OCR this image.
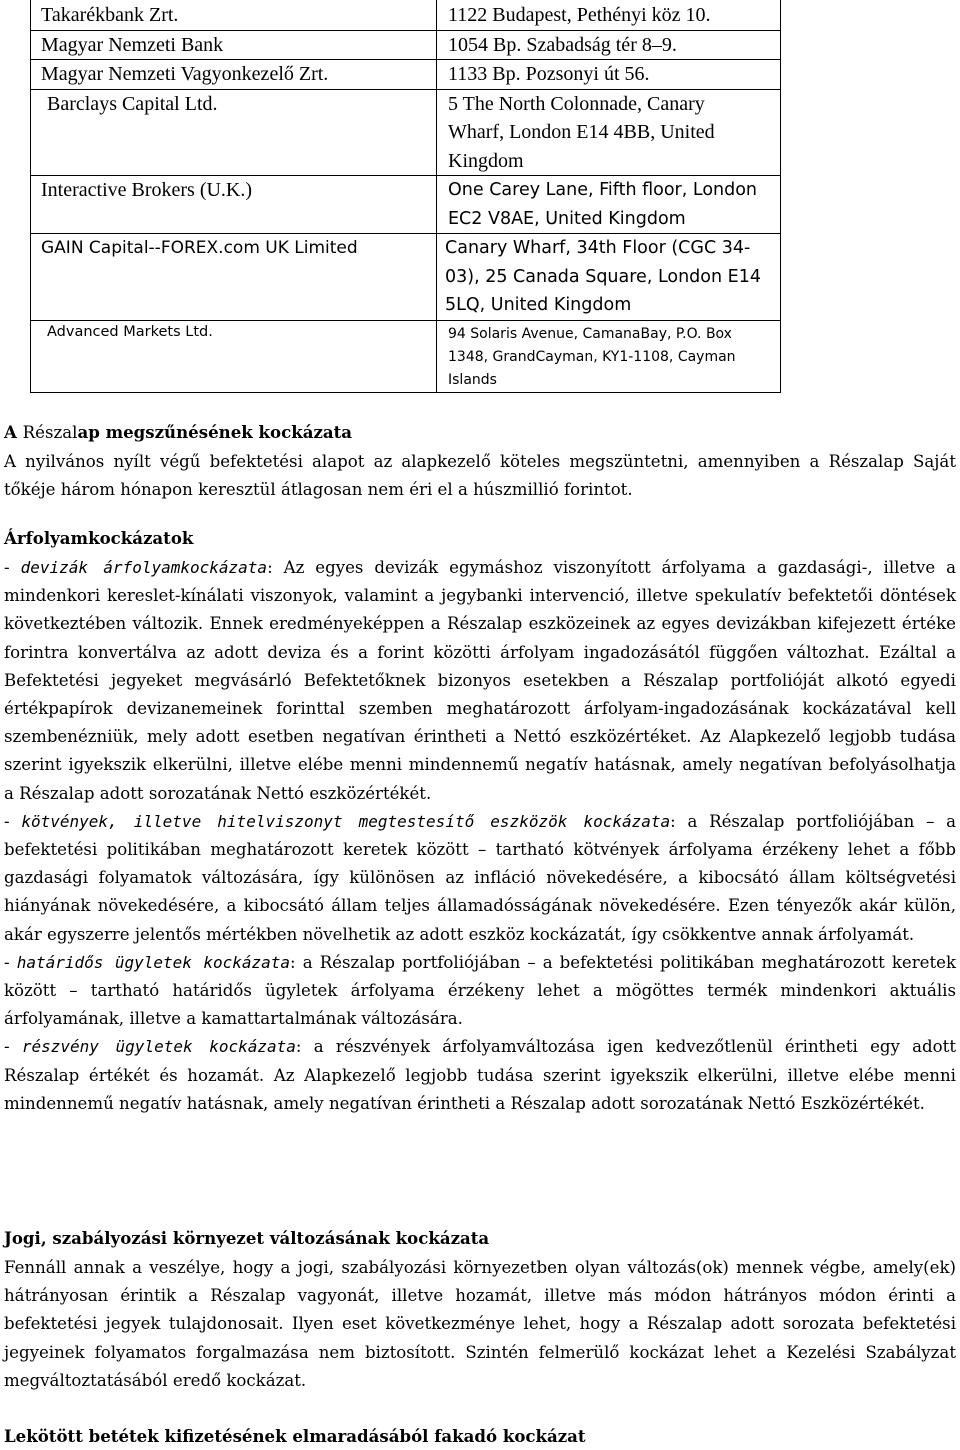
Takarékbank Zrt.	1122 Budapest, Pethényi köz 10.
Magyar Nemzeti Bank	1054 Bp. Szabadság tér 8–9.
Magyar Nemzeti Vagyonkezelő Zrt.	1133 Bp. Pozsonyi út 56.
Barclays Capital Ltd.	5 The North Colonnade, Canary Wharf, London E14 4BB, United Kingdom
Interactive Brokers (U.K.)	One Carey Lane, Fifth floor, London EC2 V8AE, United Kingdom
GAIN Capital--FOREX.com UK Limited	Canary Wharf, 34th Floor (CGC 34-03), 25 Canada Square, London E14 5LQ, United Kingdom
Advanced Markets Ltd.	94 Solaris Avenue, CamanaBay, P.O. Box 1348, GrandCayman, KY1-1108, Cayman Islands
A Részalap megszűnésének kockázata

A nyilvános nyílt végű befektetési alapot az alapkezelő köteles megszüntetni, amennyiben a Részalap Saját tőkéje három hónapon keresztül átlagosan nem éri el a húszmillió forintot.

Árfolyamkockázatok

- devizák árfolyamkockázata: Az egyes devizák egymáshoz viszonyított árfolyama a gazdasági-, illetve a mindenkori kereslet-kínálati viszonyok, valamint a jegybanki intervenció, illetve spekulatív befektetői döntések következtében változik. Ennek eredményeképpen a Részalap eszközeinek az egyes devizákban kifejezett értéke forintra konvertálva az adott deviza és a forint közötti árfolyam ingadozásától függően változhat. Ezáltal a Befektetési jegyeket megvásárló Befektetőknek bizonyos esetekben a Részalap portfolióját alkotó egyedi értékpapírok devizanemeinek forinttal szemben meghatározott árfolyam-ingadozásának kockázatával kell szembenézniük, mely adott esetben negatívan érintheti a Nettó eszközértéket. Az Alapkezelő legjobb tudása szerint igyekszik elkerülni, illetve elébe menni mindennemű negatív hatásnak, amely negatívan befolyásolhatja a Részalap adott sorozatának Nettó eszközértékét.

- kötvények, illetve hitelviszonyt megtestesítő eszközök kockázata: a Részalap portfoliójában – a befektetési politikában meghatározott keretek között – tartható kötvények árfolyama érzékeny lehet a főbb gazdasági folyamatok változására, így különösen az infláció növekedésére, a kibocsátó állam költségvetési hiányának növekedésére, a kibocsátó állam teljes államadósságának növekedésére. Ezen tényezők akár külön, akár egyszerre jelentős mértékben növelhetik az adott eszköz kockázatát, így csökkentve annak árfolyamát.

- határidős ügyletek kockázata: a Részalap portfoliójában – a befektetési politikában meghatározott keretek között – tartható határidős ügyletek árfolyama érzékeny lehet a mögöttes termék mindenkori aktuális árfolyamának, illetve a kamattartalmának változására.

- részvény ügyletek kockázata: a részvények árfolyamváltozása igen kedvezőtlenül érintheti egy adott Részalap értékét és hozamát. Az Alapkezelő legjobb tudása szerint igyekszik elkerülni, illetve elébe menni mindennemű negatív hatásnak, amely negatívan érintheti a Részalap adott sorozatának Nettó Eszközértékét.

Jogi, szabályozási környezet változásának kockázata

Fennáll annak a veszélye, hogy a jogi, szabályozási környezetben olyan változás(ok) mennek végbe, amely(ek) hátrányosan érintik a Részalap vagyonát, illetve hozamát, illetve más módon hátrányos módon érinti a befektetési jegyek tulajdonosait. Ilyen eset következménye lehet, hogy a Részalap adott sorozata befektetési jegyeinek folyamatos forgalmazása nem biztosított. Szintén felmerülő kockázat lehet a Kezelési Szabályzat megváltoztatásából eredő kockázat.

Lekötött betétek kifizetésének elmaradásából fakadó kockázat
